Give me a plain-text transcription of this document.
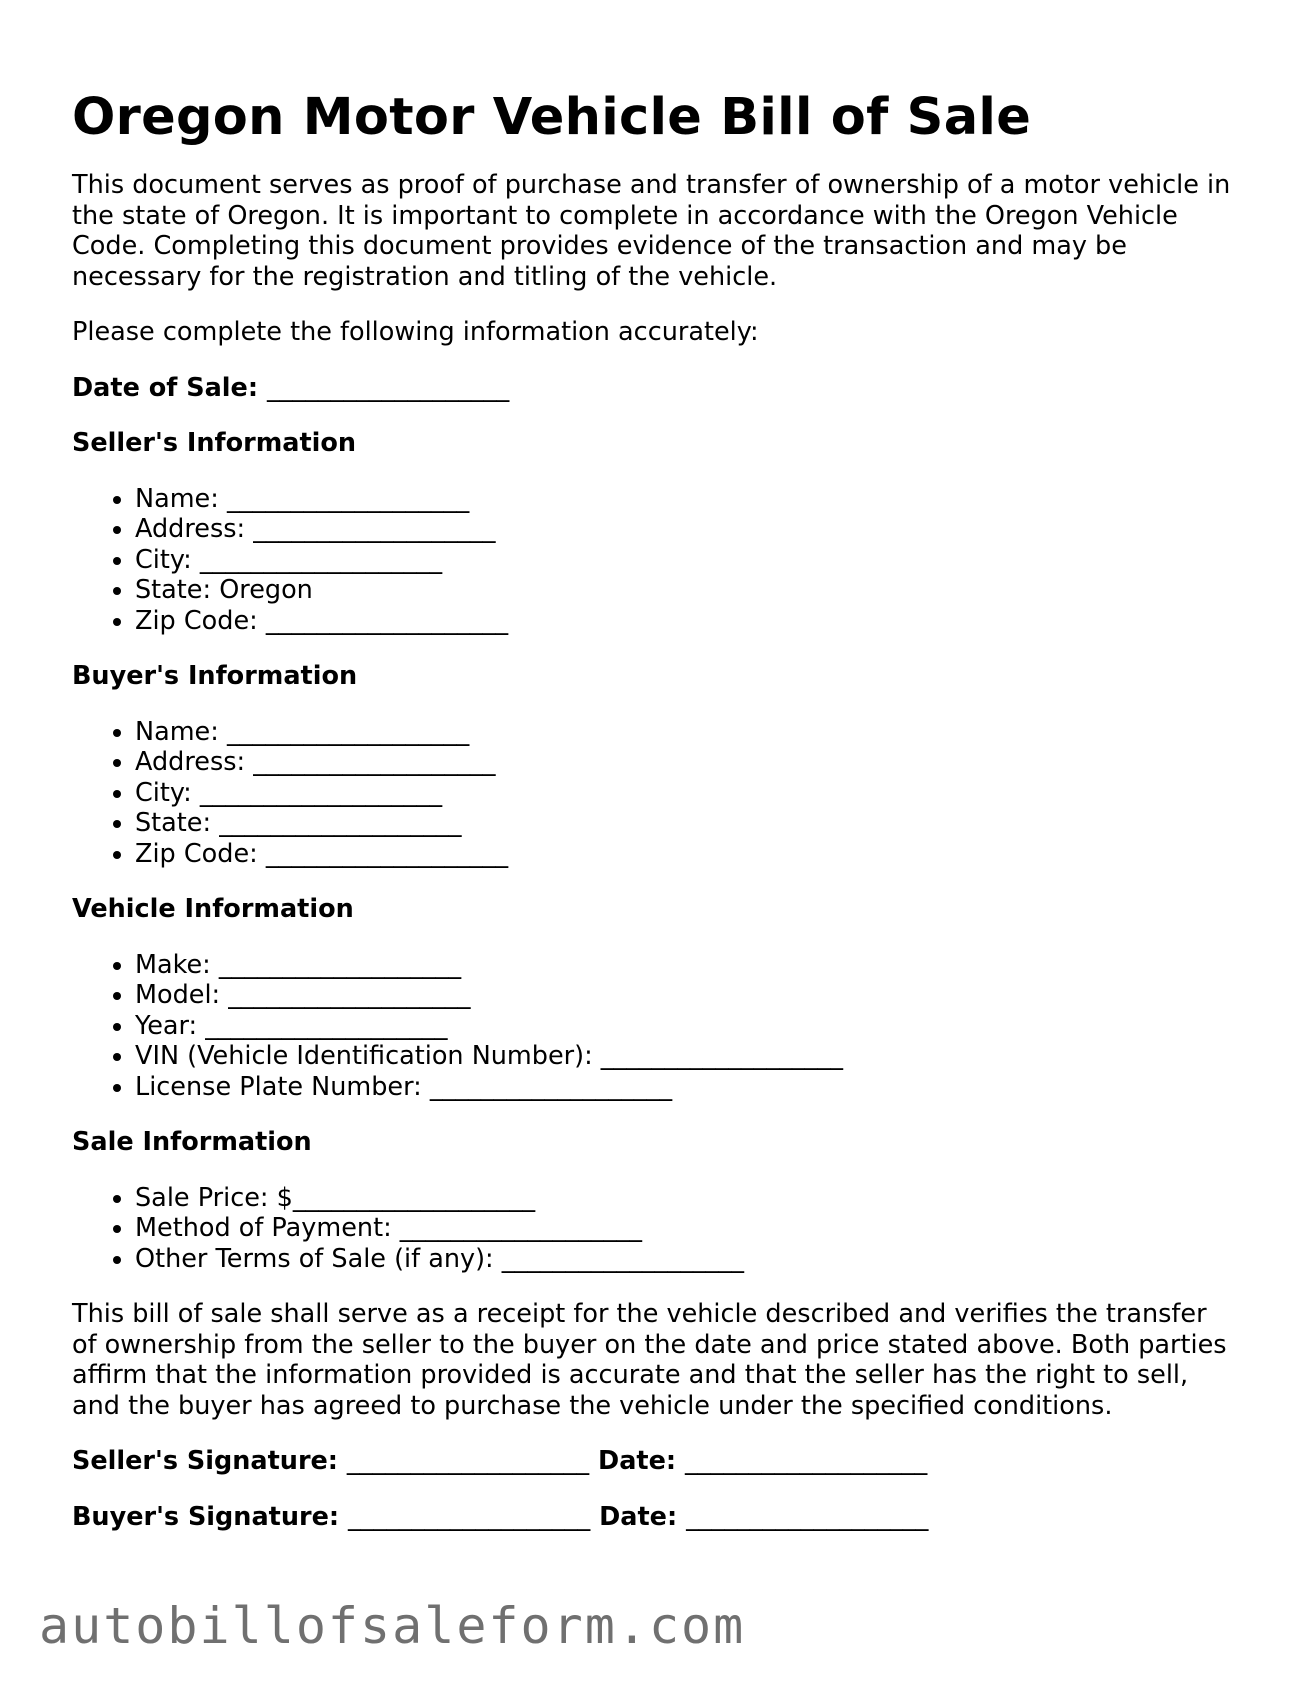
Oregon Motor Vehicle Bill of Sale

This document serves as proof of purchase and transfer of ownership of a motor vehicle in the state of Oregon. It is important to complete in accordance with the Oregon Vehicle Code. Completing this document provides evidence of the transaction and may be necessary for the registration and titling of the vehicle.

Please complete the following information accurately:

Date of Sale: ___________________

Seller's Information

• Name: ___________________
• Address: ___________________
• City: ___________________
• State: Oregon
• Zip Code: ___________________

Buyer's Information

• Name: ___________________
• Address: ___________________
• City: ___________________
• State: ___________________
• Zip Code: ___________________

Vehicle Information

• Make: ___________________
• Model: ___________________
• Year: ___________________
• VIN (Vehicle Identification Number): ___________________
• License Plate Number: ___________________

Sale Information

• Sale Price: $___________________
• Method of Payment: ___________________
• Other Terms of Sale (if any): ___________________

This bill of sale shall serve as a receipt for the vehicle described and verifies the transfer of ownership from the seller to the buyer on the date and price stated above. Both parties affirm that the information provided is accurate and that the seller has the right to sell, and the buyer has agreed to purchase the vehicle under the specified conditions.

Seller's Signature: ___________________ Date: ___________________

Buyer's Signature: ___________________ Date: ___________________

autobillofsaleform.com
